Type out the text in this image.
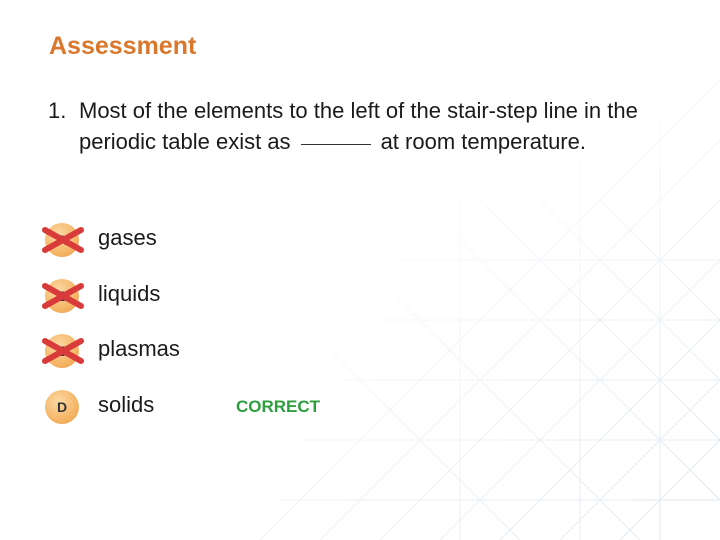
Assessment
1. Most of the elements to the left of the stair-step line in the periodic table exist as	at room temperature.
gases
liquids
plasmas
D solids	CORRECT
